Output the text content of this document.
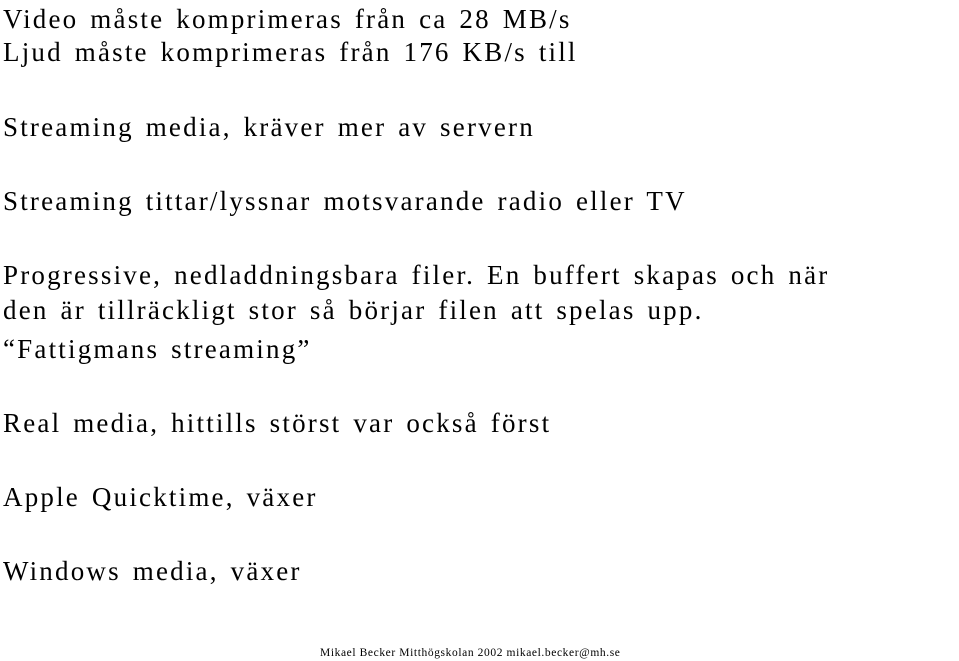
Video måste komprimeras från ca 28 MB/s
Ljud måste komprimeras från 176 KB/s till
Streaming media, kräver mer av servern
Streaming tittar/lyssnar motsvarande radio eller TV
Progressive, nedladdningsbara filer. En buffert skapas och när
den är tillräckligt stor så börjar filen att spelas upp.
“Fattigmans streaming”
Real media, hittills störst var också först
Apple Quicktime, växer
Windows media, växer
Mikael Becker Mitthögskolan 2002 mikael.becker@mh.se
